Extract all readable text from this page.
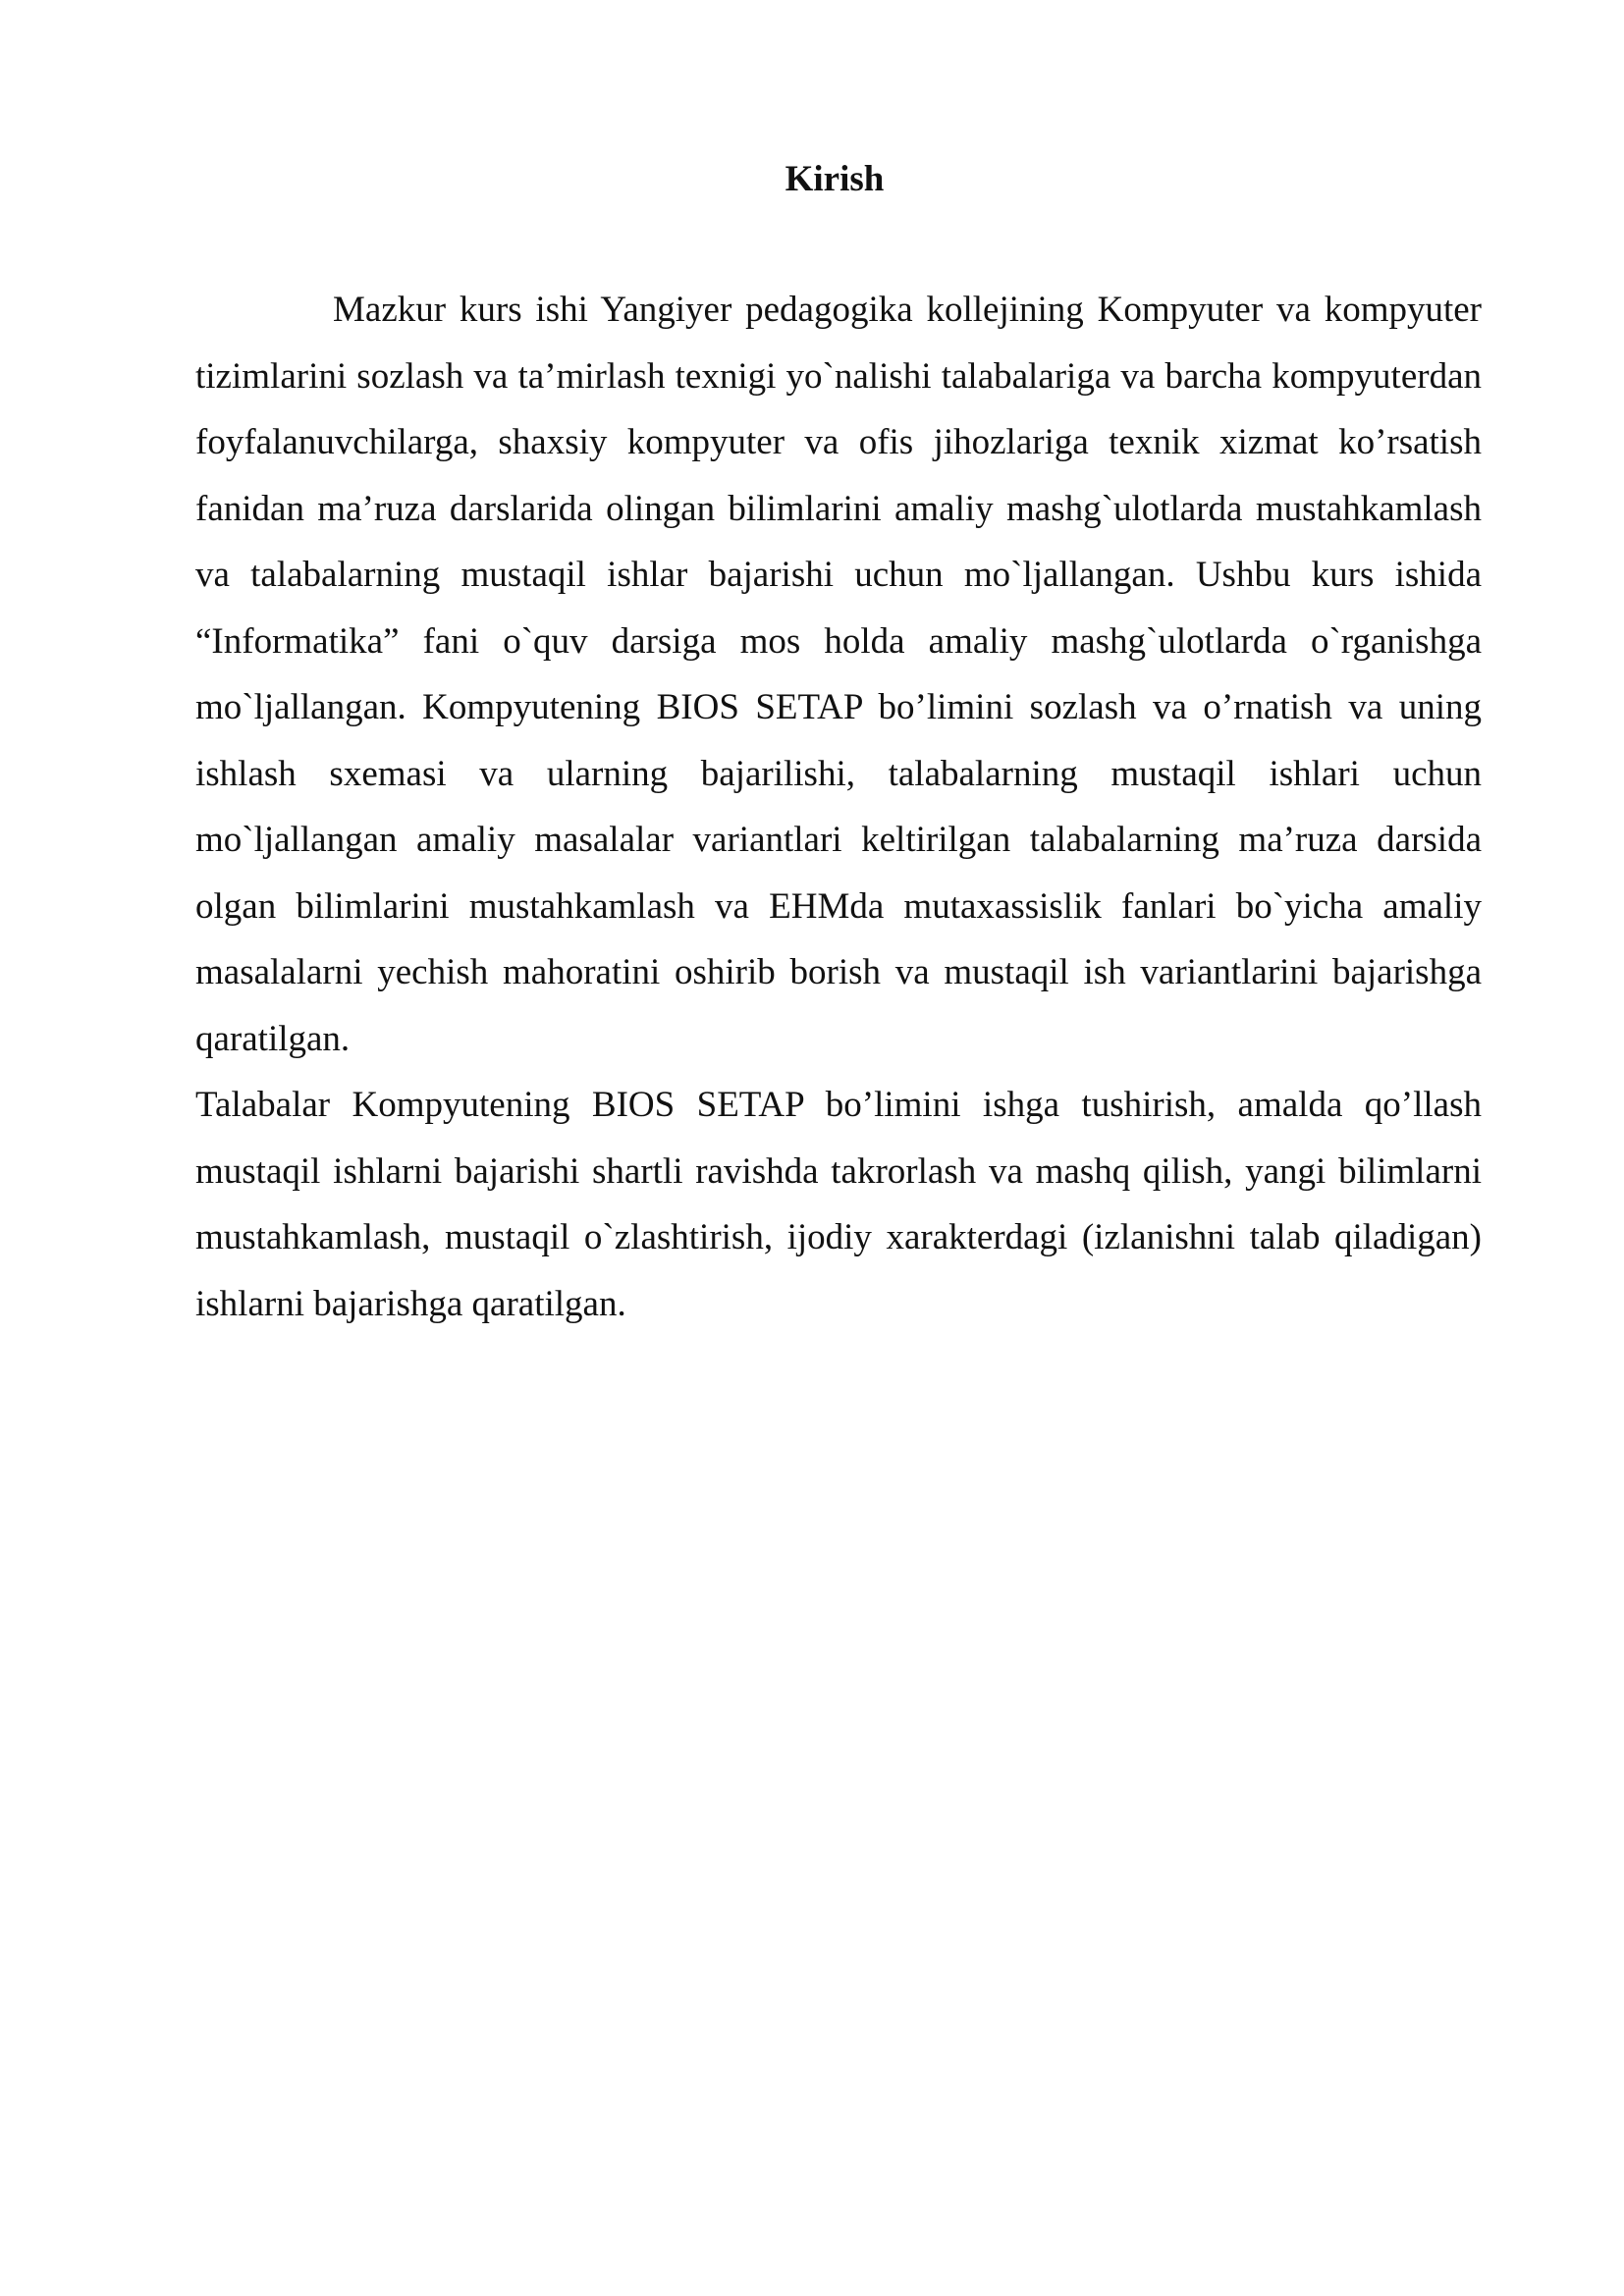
Kirish

Mazkur kurs ishi Yangiyer pedagogika kollejining Kompyuter va kompyuter tizimlarini sozlash va ta’mirlash texnigi yo`nalishi talabalariga va barcha kompyuterdan foyfalanuvchilarga, shaxsiy kompyuter va ofis jihozlariga texnik xizmat ko’rsatish fanidan ma’ruza darslarida olingan bilimlarini amaliy mashg`ulotlarda mustahkamlash va talabalarning mustaqil ishlar bajarishi uchun mo`ljallangan. Ushbu kurs ishida “Informatika” fani o`quv darsiga mos holda amaliy mashg`ulotlarda o`rganishga mo`ljallangan. Kompyutening BIOS SETAP bo’limini sozlash va o’rnatish va uning ishlash sxemasi va ularning bajarilishi, talabalarning mustaqil ishlari uchun mo`ljallangan amaliy masalalar variantlari keltirilgan talabalarning ma’ruza darsida olgan bilimlarini mustahkamlash va EHMda mutaxassislik fanlari bo`yicha amaliy masalalarni yechish mahoratini oshirib borish va mustaqil ish variantlarini bajarishga qaratilgan.

Talabalar Kompyutening BIOS SETAP bo’limini ishga tushirish, amalda qo’llash mustaqil ishlarni bajarishi shartli ravishda takrorlash va mashq qilish, yangi bilimlarni mustahkamlash, mustaqil o`zlashtirish, ijodiy xarakterdagi (izlanishni talab qiladigan) ishlarni bajarishga qaratilgan.
